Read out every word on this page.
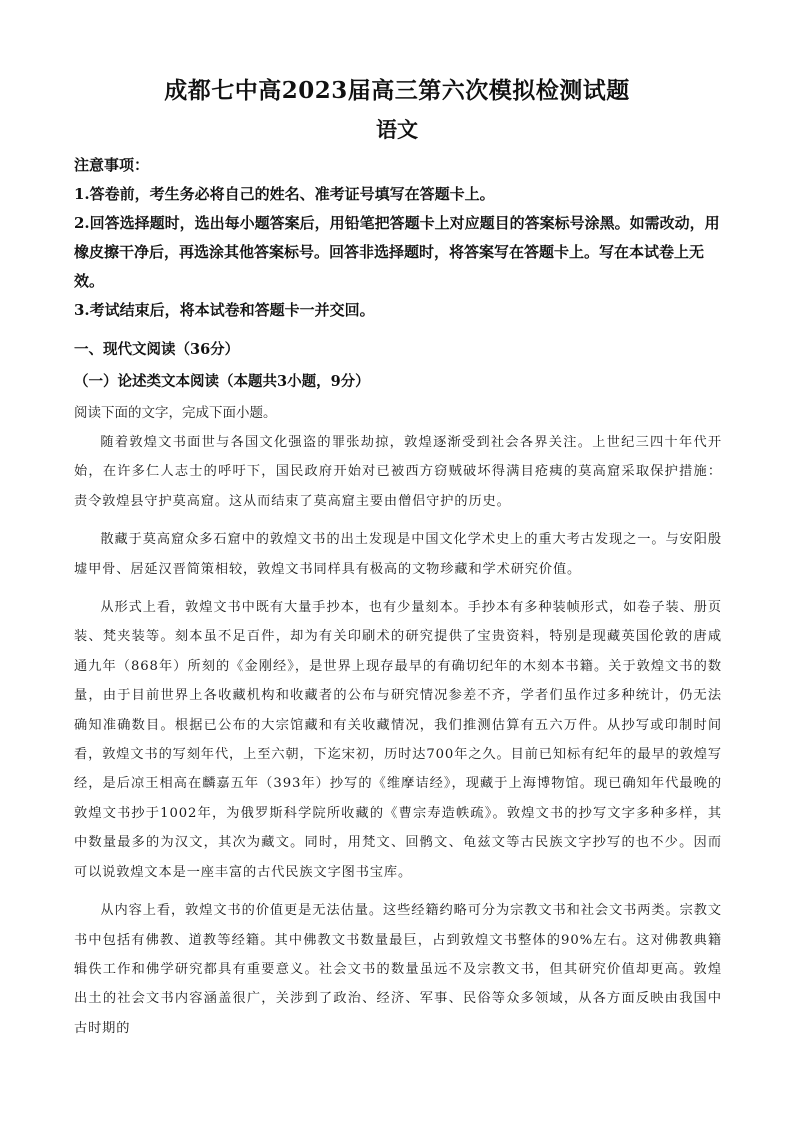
成都七中高2023届高三第六次模拟检测试题
语文
注意事项：
1.答卷前，考生务必将自己的姓名、准考证号填写在答题卡上。
2.回答选择题时，选出每小题答案后，用铅笔把答题卡上对应题目的答案标号涂黑。如需改动，用橡皮擦干净后，再选涂其他答案标号。回答非选择题时，将答案写在答题卡上。写在本试卷上无效。
3.考试结束后，将本试卷和答题卡一并交回。
一、现代文阅读（36分）
（一）论述类文本阅读（本题共3小题，9分）
阅读下面的文字，完成下面小题。

随着敦煌文书面世与各国文化强盗的罪张劫掠，敦煌逐渐受到社会各界关注。上世纪三四十年代开始，在许多仁人志士的呼吁下，国民政府开始对已被西方窃贼破坏得满目疮痍的莫高窟采取保护措施：责令敦煌县守护莫高窟。这从而结束了莫高窟主要由僧侣守护的历史。

散藏于莫高窟众多石窟中的敦煌文书的出土发现是中国文化学术史上的重大考古发现之一。与安阳殷墟甲骨、居延汉晋简策相较，敦煌文书同样具有极高的文物珍藏和学术研究价值。

从形式上看，敦煌文书中既有大量手抄本，也有少量刻本。手抄本有多种装帧形式，如卷子装、册页装、梵夹装等。刻本虽不足百件，却为有关印刷术的研究提供了宝贵资料，特别是现藏英国伦敦的唐咸通九年（868年）所刻的《金刚经》，是世界上现存最早的有确切纪年的木刻本书籍。关于敦煌文书的数量，由于目前世界上各收藏机构和收藏者的公布与研究情况参差不齐，学者们虽作过多种统计，仍无法确知准确数目。根据已公布的大宗馆藏和有关收藏情况，我们推测估算有五六万件。从抄写或印制时间看，敦煌文书的写刻年代，上至六朝，下迄宋初，历时达700年之久。目前已知标有纪年的最早的敦煌写经，是后凉王相高在麟嘉五年（393年）抄写的《维摩诘经》，现藏于上海博物馆。现已确知年代最晚的敦煌文书抄于1002年，为俄罗斯科学院所收藏的《曹宗寿造帙疏》。敦煌文书的抄写文字多种多样，其中数量最多的为汉文，其次为藏文。同时，用梵文、回鹘文、龟兹文等古民族文字抄写的也不少。因而可以说敦煌文本是一座丰富的古代民族文字图书宝库。

从内容上看，敦煌文书的价值更是无法估量。这些经籍约略可分为宗教文书和社会文书两类。宗教文书中包括有佛教、道教等经籍。其中佛教文书数量最巨，占到敦煌文书整体的90%左右。这对佛教典籍辑佚工作和佛学研究都具有重要意义。社会文书的数量虽远不及宗教文书，但其研究价值却更高。敦煌出土的社会文书内容涵盖很广，关涉到了政治、经济、军事、民俗等众多领域，从各方面反映由我国中古时期的
